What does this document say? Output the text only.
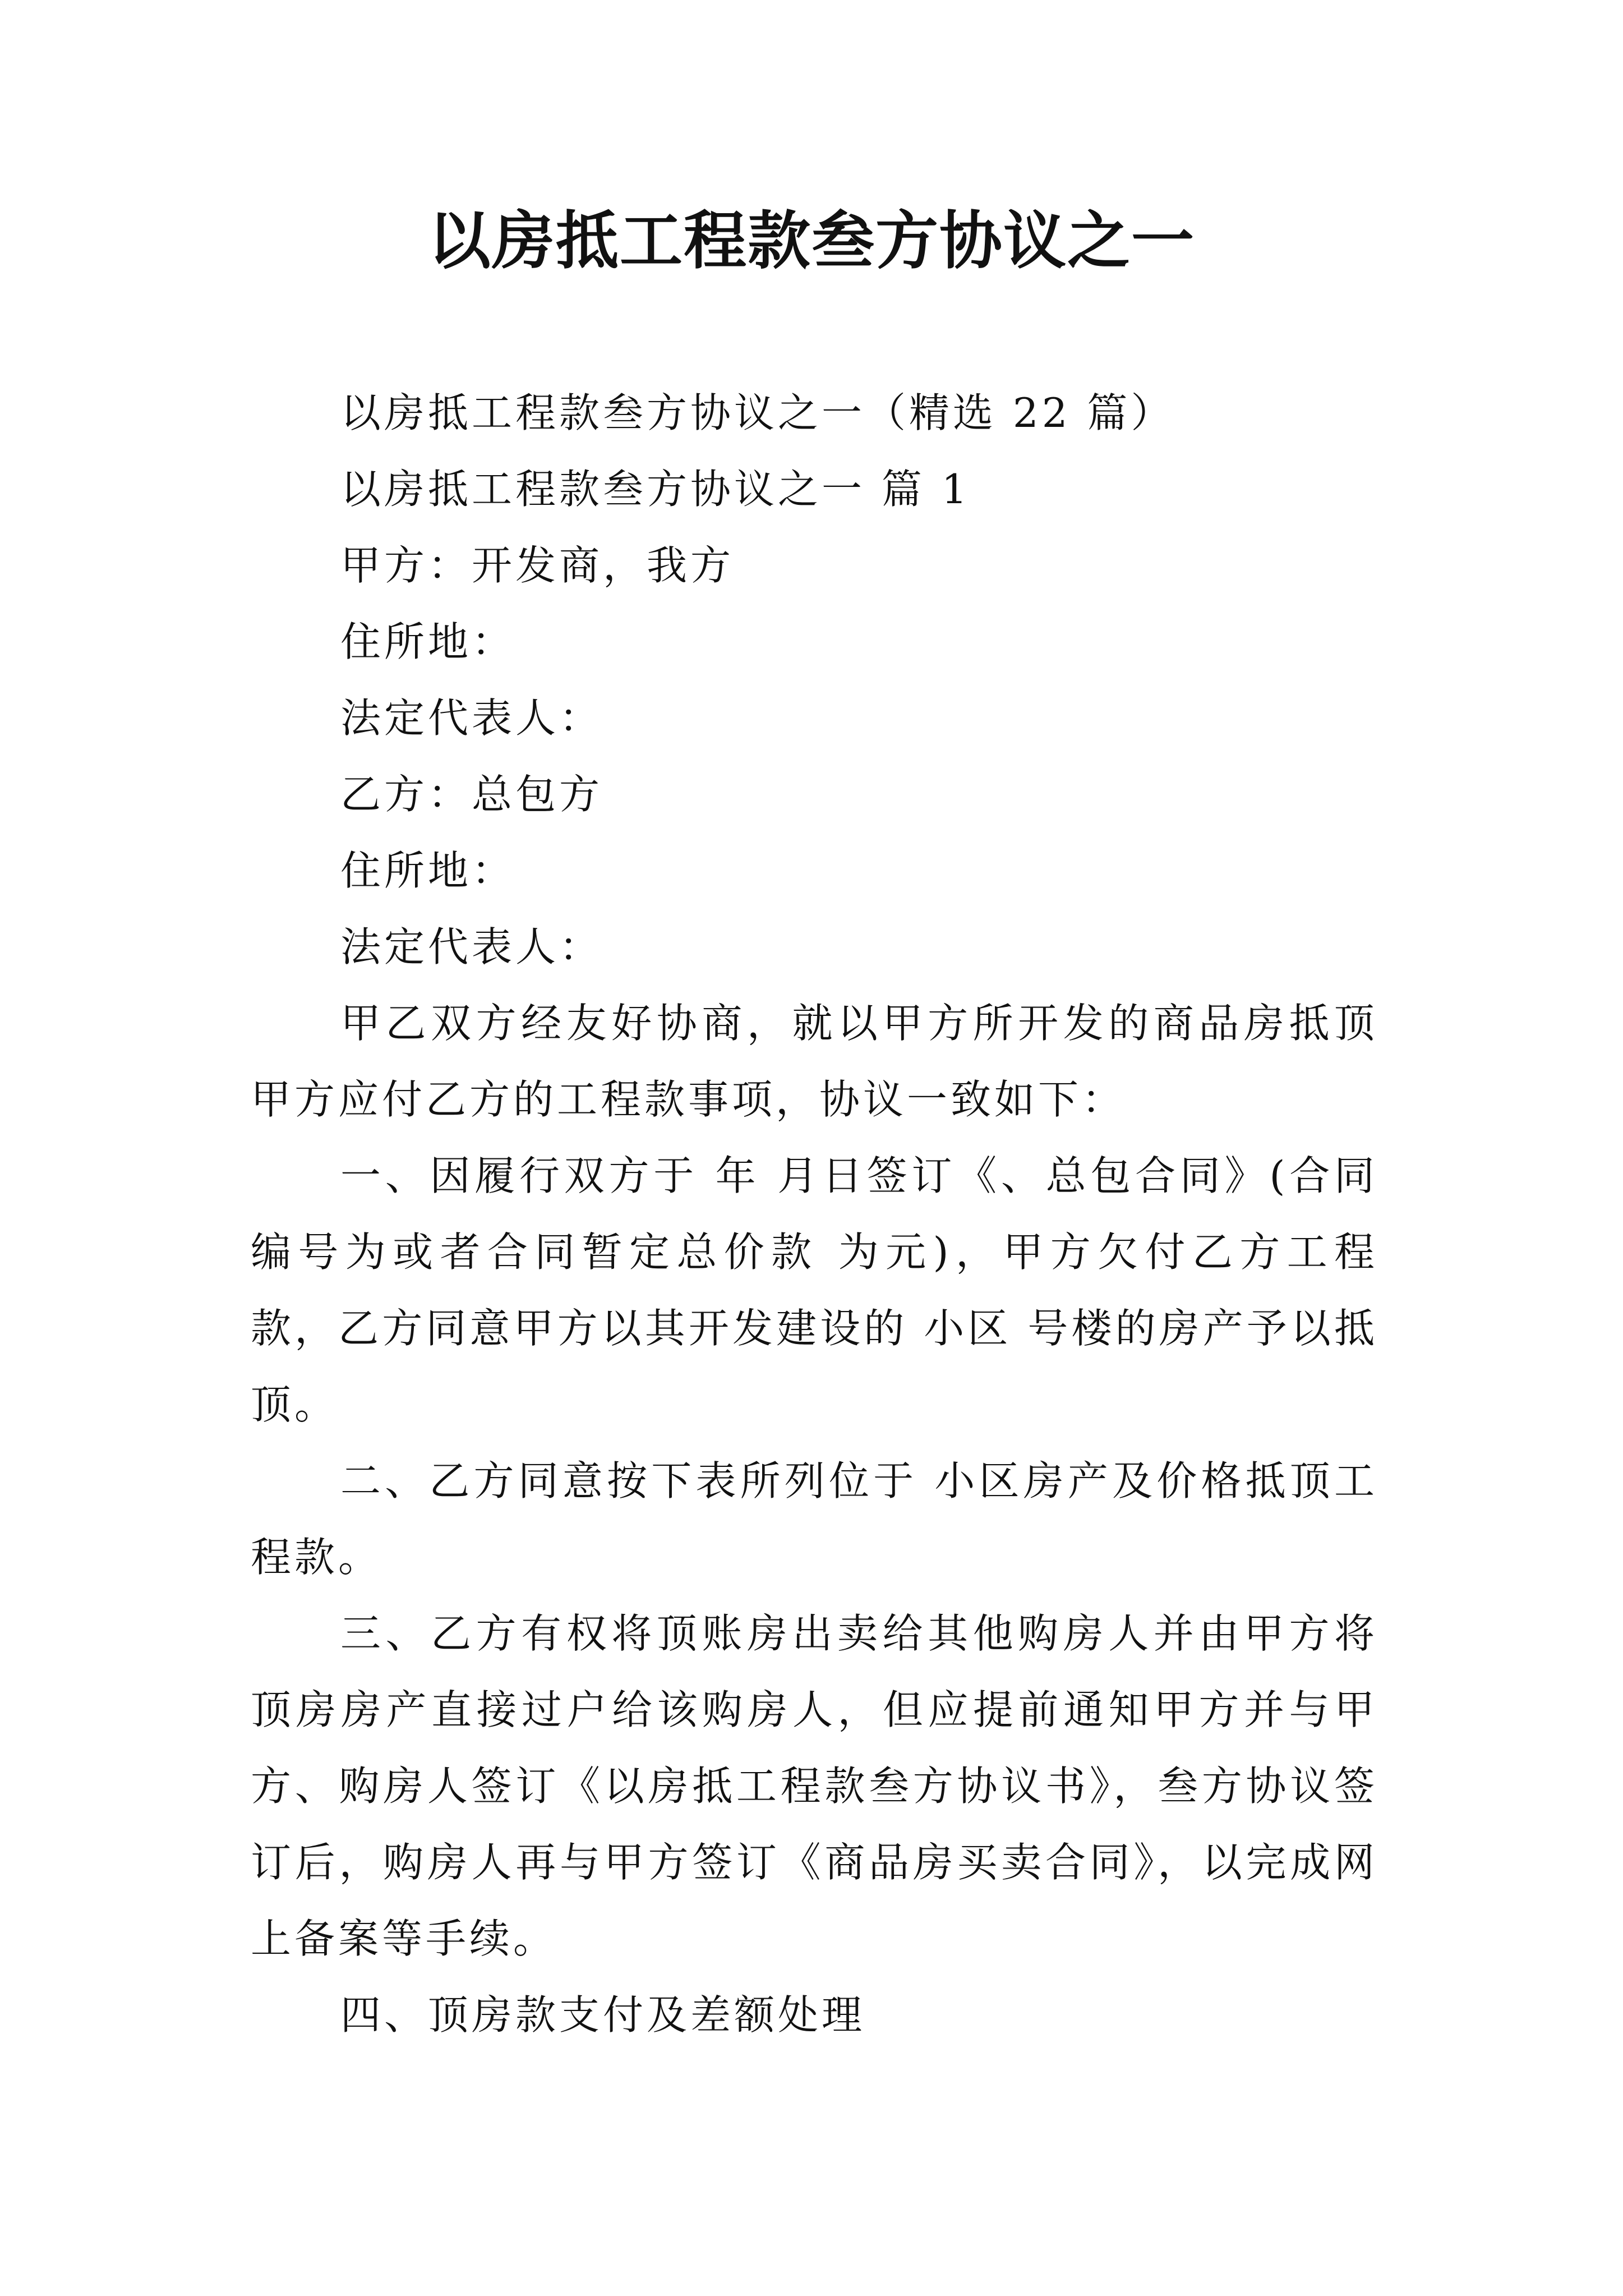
以房抵工程款叁方协议之一

以房抵工程款叁方协议之一（精选 22 篇）

以房抵工程款叁方协议之一 篇 1

甲方：开发商，我方

住所地：

法定代表人：

乙方：总包方

住所地：

法定代表人：

甲乙双方经友好协商，就以甲方所开发的商品房抵顶甲方应付乙方的工程款事项，协议一致如下：

一、因履行双方于 年 月日签订《、总包合同》(合同编号为或者合同暂定总价款 为元)，甲方欠付乙方工程款，乙方同意甲方以其开发建设的 小区 号楼的房产予以抵顶。

二、乙方同意按下表所列位于 小区房产及价格抵顶工程款。

三、乙方有权将顶账房出卖给其他购房人并由甲方将顶房房产直接过户给该购房人，但应提前通知甲方并与甲方、购房人签订《以房抵工程款叁方协议书》，叁方协议签订后，购房人再与甲方签订《商品房买卖合同》，以完成网上备案等手续。

四、顶房款支付及差额处理
